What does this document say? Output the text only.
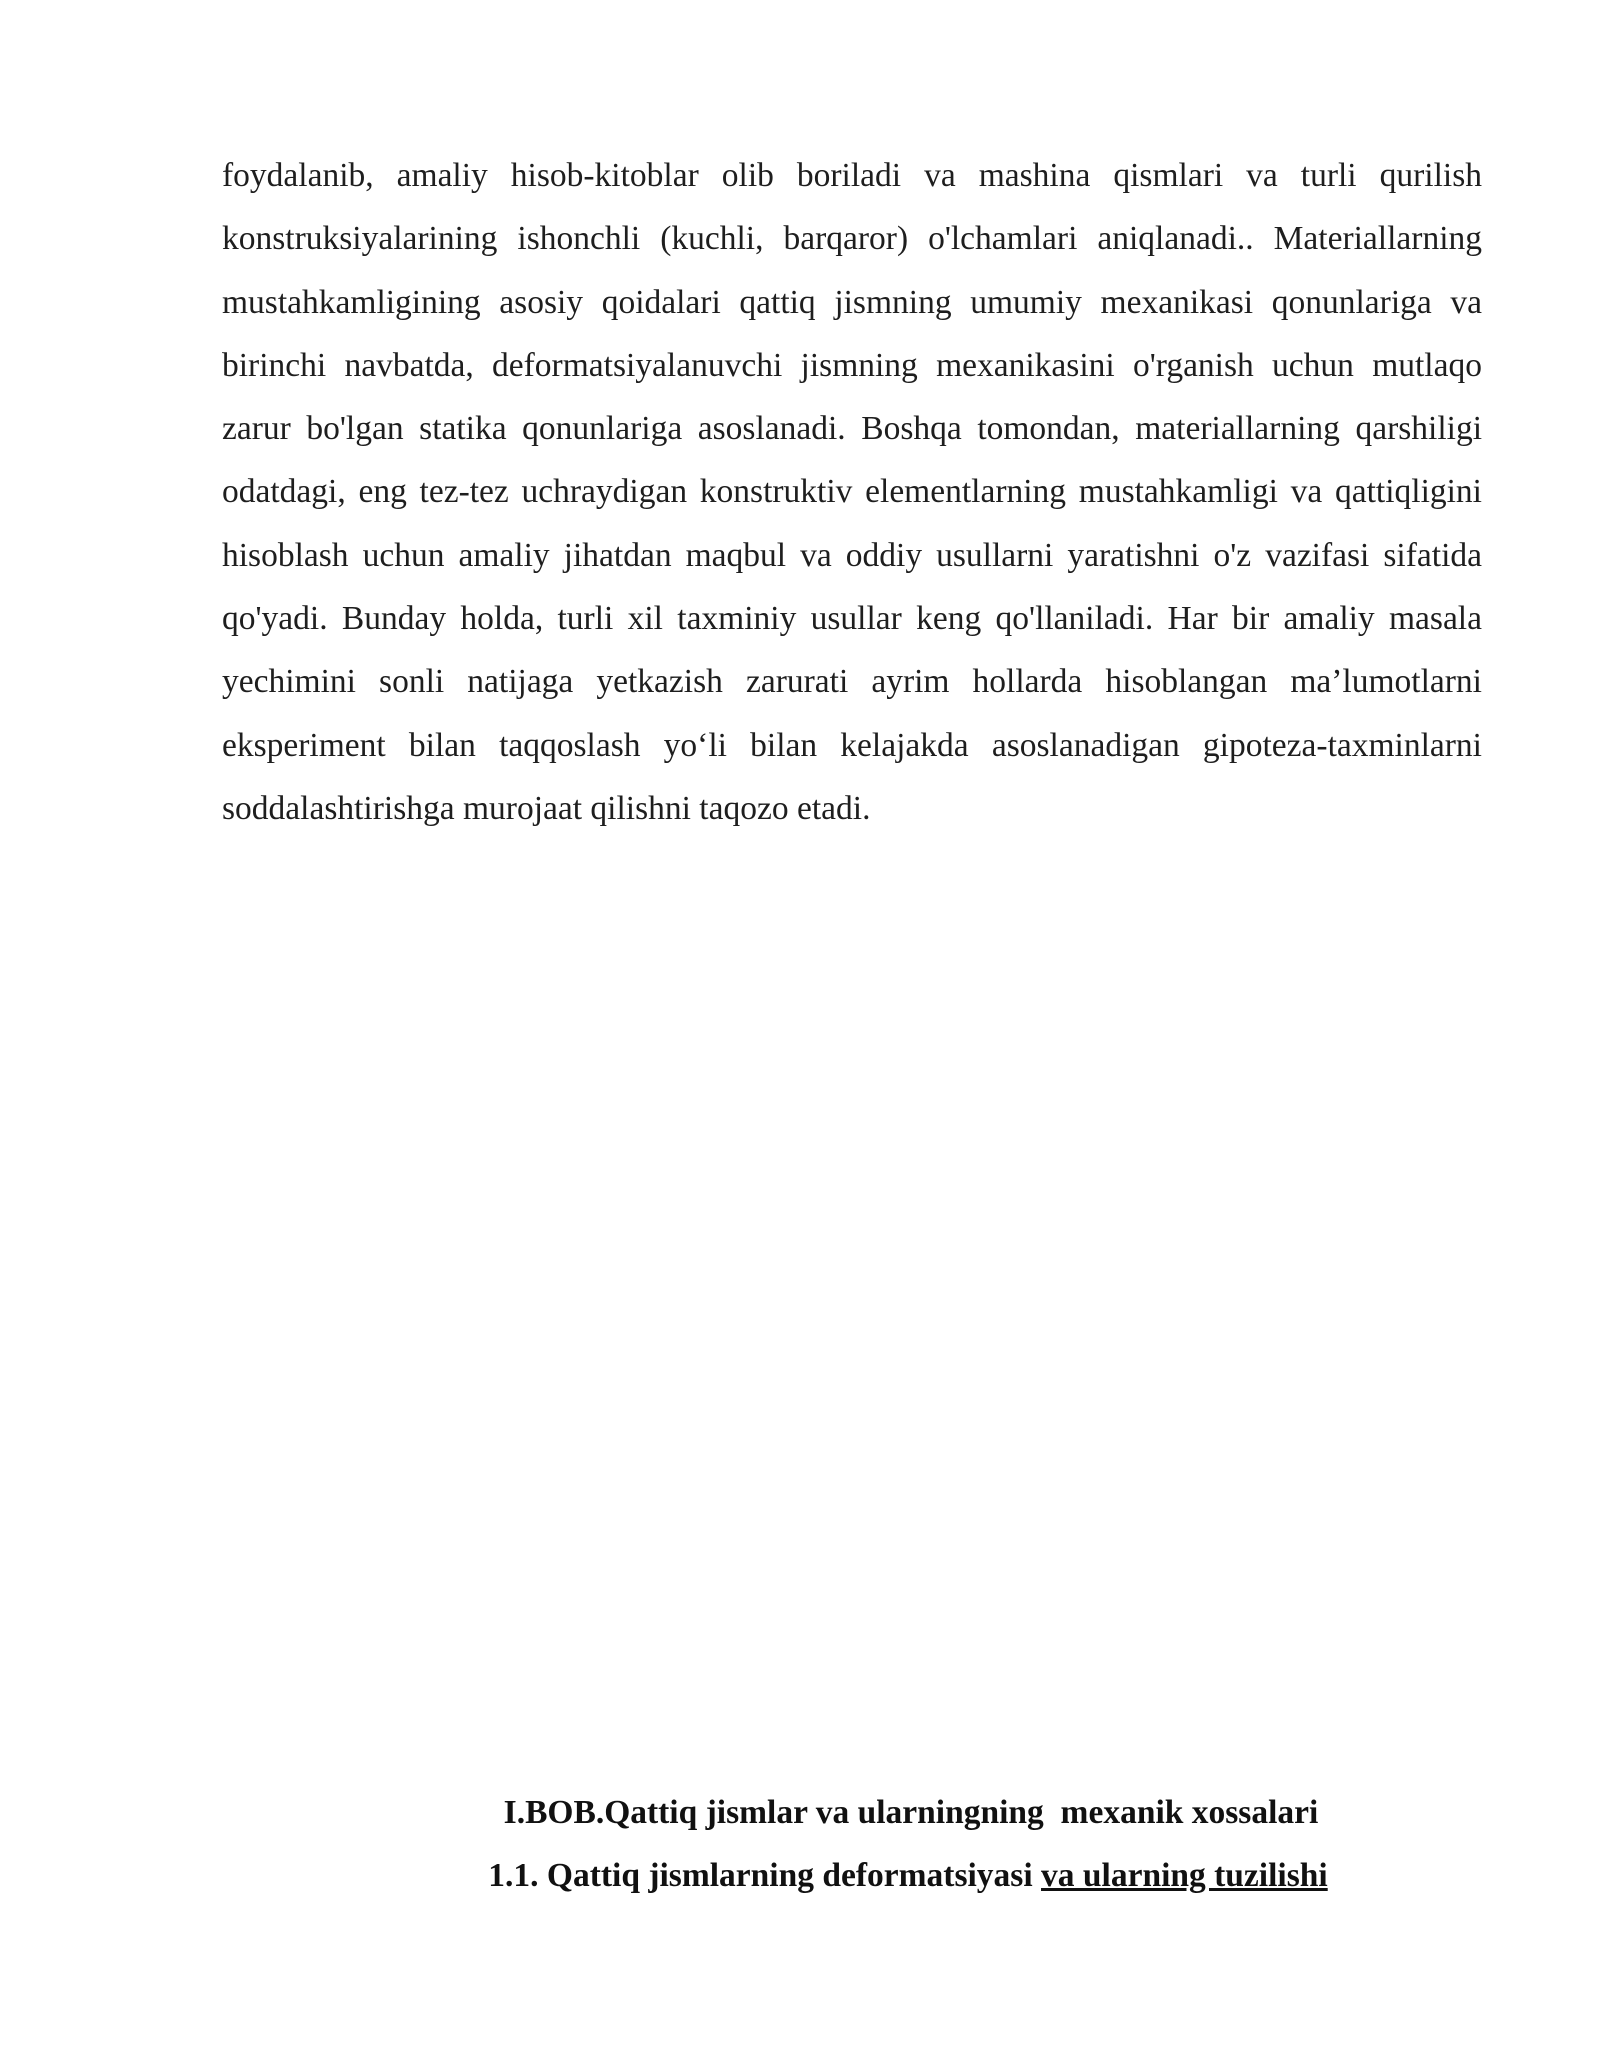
foydalanib, amaliy hisob-kitoblar olib boriladi va mashina qismlari va turli qurilish konstruksiyalarining ishonchli (kuchli, barqaror) o'lchamlari aniqlanadi.. Materiallarning mustahkamligining asosiy qoidalari qattiq jismning umumiy mexanikasi qonunlariga va birinchi navbatda, deformatsiyalanuvchi jismning mexanikasini o'rganish uchun mutlaqo zarur bo'lgan statika qonunlariga asoslanadi. Boshqa tomondan, materiallarning qarshiligi odatdagi, eng tez-tez uchraydigan konstruktiv elementlarning mustahkamligi va qattiqligini hisoblash uchun amaliy jihatdan maqbul va oddiy usullarni yaratishni o'z vazifasi sifatida qo'yadi. Bunday holda, turli xil taxminiy usullar keng qo'llaniladi. Har bir amaliy masala yechimini sonli natijaga yetkazish zarurati ayrim hollarda hisoblangan ma’lumotlarni eksperiment bilan taqqoslash yo‘li bilan kelajakda asoslanadigan gipoteza-taxminlarni soddalashtirishga murojaat qilishni taqozo etadi.

I.BOB.Qattiq jismlar va ularningning  mexanik xossalari

1.1. Qattiq jismlarning deformatsiyasi va ularning tuzilishi
